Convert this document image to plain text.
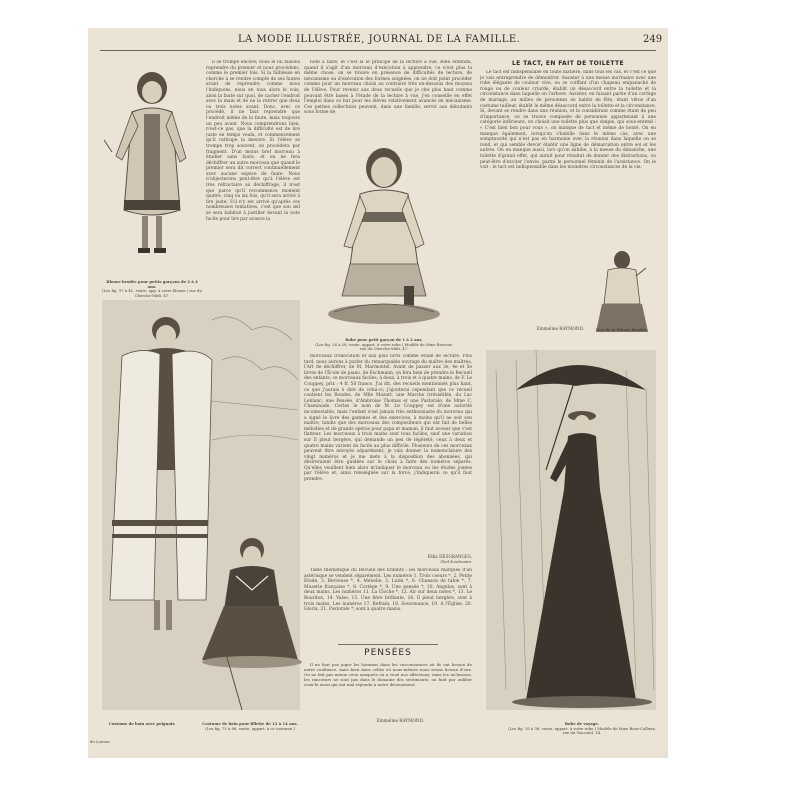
LA MODE ILLUSTRÉE, JOURNAL DE LA FAMILLE.	249
Blouse brodée pour petits garçons de 2 à 4 ans.
(Les fig. 97 à 41, vente, app. à votre blouse.) rue du Cherche-Midi, 47.

il se trompe encore; nous le lui faisons reprendre du premier et nous procédons, comme le premier fois. Si la faiblesse en cherche à se rendre compte de ses fautes avant de reprendre comme nous l'indiquons, nous en tous alors le voix, ainsi la faute sur quoi, de cacher l'endroit avec la main et de ne la retirer que deux ou trois notes avant. Donc, avec ce procédé, il ne faut reprendre que l'endroit même de la faute, mais toujours un peu avant. Nous comprendrons bien, n'est-ce pas, que la difficulté est de lire juste en temps voulu, et commencement qu'il rattrape la mesure. Si l'élève se trompe trop souvent, on procédera par fragment. D'un moins bref morceau à étudier sans faute, et on ne fera déchiffrer un autre morceau que quand le premier sera dit correct continuellement avec aucune espèce de faute. Nous n'objecterons peut-être qu'à l'élève est très réfractaire au déchiffrage, il n'est que parce qu'il recommence moment quatre, cinq ou six fois, qu'il sera arrivé à lire juste; S'il n'y est arrivé qu'après ces nombreuses tentatives, c'est que son œil se sera habitué à justifier devant la note facile pour lire par avance la

note à faire, et c'est là le principe de la lecture à vue. Bien entendu, quand il s'agit d'un morceau d'exécution à apprendre, ce n'est plus la même chose, on se trouve en présence de difficultés de lecture, de mécanisme ou d'exécution des formes soignées, on ne doit point procéder comme pour un morceau choisi au contraire très en-dessous des moyens de l'élève. Pour revenir aux deux recueils que je cite plus haut comme pouvant être bases à l'étude de la lecture à vue, j'en conseille en effet l'emploi dans ce but pour les élèves relativement avancés en mécanisme. Ces petites collections peuvent, dans une famille, servir aux débutants sous forme de

Robe pour petit garçon de 1 à 2 ans.
(Les fig. 26 à 28, vente, appart. à votre robe.) Modèle de Mme Bouvoir, rue du Cherche-Midi, 47.

morceaux d'exécution et aux plus forts comme étude de lecture. Plus tard, nous aurons à parler du remarquable ouvrage du maître des maîtres, l'Art de déchiffrer, de M. Marmontel. Avant de passer aux 3e, 4e et 5e livres de l'École de piano, de Eschmann, on fera bien de prendre le Recueil des enfants; ce morceaux faciles, à deux, à trois et à quatre mains, de F. Le Couppey, prix : 4 fr. 50 franco. J'ai dit, des recueils mentionnés plus haut, ce que j'aurais à dire de celui-ci; j'ajouterai cependant que ce recueil contient les Rondes, de Mlle Mozart, une Marche irrésistible, du Lac Leblanc, une Pensée, d'Ambroise Thomas et une Pastorale, de Mme C. Chaminade. Certes le nom de M. Le Couppey est d'une autorité incontestable, mais l'enfant s'est jamais très enthousiaste du morceau qui a signé le livre des gammes et des exercices, à moins qu'il ne soit son maître, tandis que des morceaux des compositeurs qui ont fait de belles mélodies et de grands opéras pour papa et maman, il faut avouer que c'est flatteur. Les morceaux à trois mains sont tous faciles, sauf une variation sur Il pleut bergère, qui demande un peu de légèreté, ceux à deux et quatre mains varient du facile au plus difficile. Plusieurs de ces morceaux peuvent être envoyés séparément; je vais donner la nomenclature des vingt numéros et je me mets à la disposition des abonnées, qui désireraient être guidées sur le choix à faire des numéros séparés. Qu'elles veuillent bien alors m'indiquer le morceau ou les études jouées par l'élève et, ainsi renseignée sur la force, j'indiquerai ce qu'il faut prendre.

Félix DESGRANGES,
Chef d'orchestre.

Table thématique du Recueil des Enfants : les morceaux marqués d'un astérisque se vendent séparément. Les numéros 1. Trois coeurs *, 2. Petite Étude, 3. Berceuse *, 4. Mélodie, 5. Lutin *, 6. Chanson de table *, 7. Musette française *, 8. Cortège *, 9. Une pensée *, 10. Angelus, sont à deux mains. Les numéros 11. La Cloche *, 12. Air sur deux notes *, 13. Le Bourdon, 14. Valse, 15. Une fière brillante, 16. Il pleut bergère, sont à trois mains. Les numéros 17. Refrain, 18. Souvenance, 19. A l'Église, 20. Gloria, 21. Pastorale *, sont à quatre mains.

PENSÉES

Il ne faut pas juger les hommes dans les circonstances où ils ont besoin de notre confiance, mais bien dans celles où nous-mêmes nous avons besoin d'eux. On ne fait pas mieux ceux auxquels on a voué nos affections; mais les inclusions, les rancœurs ne sont pas dans le domaine des sentiments; on finit par oublier ceux-là aussi qui ont mal répondu à notre dévouement.

Emmeline RAYMOND.
LE TACT, EN FAIT DE TOILETTE

Le tact est indispensable en toute matière, dans tous les cas, et c'est ce que je vais entreprendre de démontrer. Assister à une messe mortuaire avec une robe élégante de couleur vive, ou se coiffant d'un chapeau empanaché de rouge ou de couleur criarde, établit un désaccord entre la toilette et la circonstance dans laquelle on l'arbore. Assister, en faisant partie d'un cortège de mariage, au milieu de personnes en habits de fête, étant vêtue d'un costume tailleur, établit le même désaccord entre la toilette et la circonstance. Si, devant se rendre dans une réunion, et la considérant comme étant de peu d'importance, on se trouve composée de personnes appartenant à une catégorie inférieure, on choisit une toilette plus que simple, qui sous-entend : « C'est bien bon pour vous », on manque de tact et même de bonté. On en manque également, lorsqu'on s'habille dans le même cas, avec une somptuosité qui n'est pas en harmonie avec la réunion dans laquelle on se rend, et qui semble devoir établir une ligne de démarcation entre soi et les autres. On en manque aussi, lors qu'on exhibe, à la messe du dimanche, une toilette d'grand effet, qui aurait pour résultat de donner des distractions, ou peut-être d'exciter l'envie, parmi le personnel féminin de l'assistance. On le voit : le tact est indispensable dans les moindres circonstances de la vie.

Dos de la blouse brodée.
Emmeline RAYMOND.
Robe de voyage.
(Les fig. 35 à 38, vente, appart. à votre robe.) Modèle de Mme Bose-Calleux, rue du Vaucouil, 14.
Costume de bain avec peignoir.	Costume de bain pour fillette de 12 à 14 ans.
(Les fig. 75 à 86, vente, appart. à ce costume.)
du Louvre.
